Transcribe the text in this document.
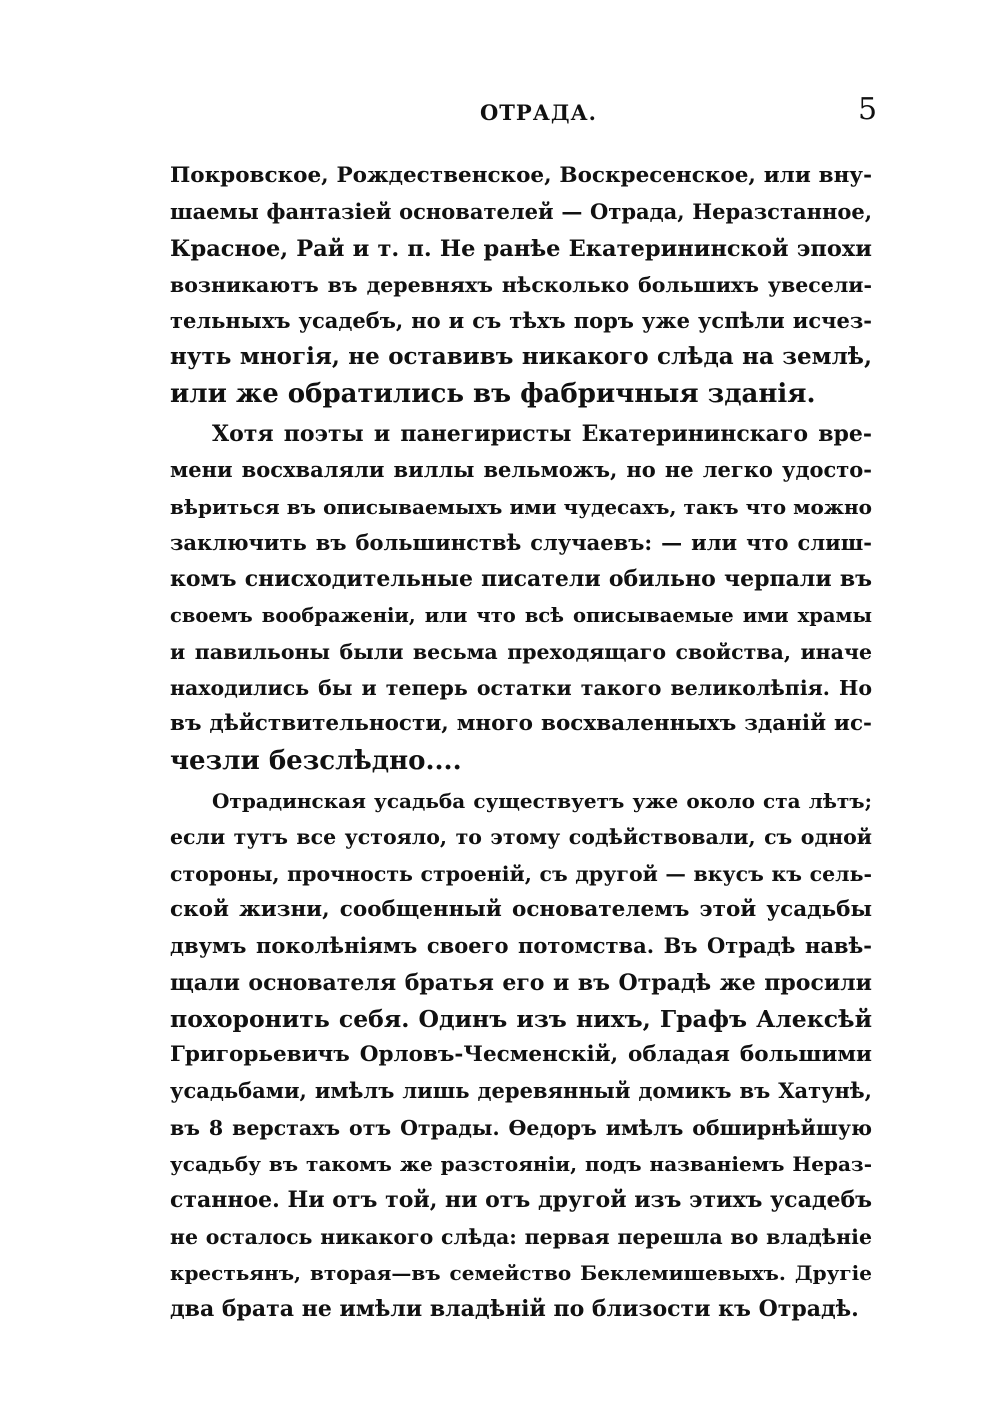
ОТРАДА.	5
Покровское, Рождественское, Воскресенское, или вну-
шаемы фантазіей основателей — Отрада, Неразстанное,
Красное, Рай и т. п. Не ранѣе Екатерининской эпохи
возникаютъ въ деревняхъ нѣсколько большихъ увесели-
тельныхъ усадебъ, но и съ тѣхъ поръ уже успѣли исчез-
нуть многія, не оставивъ никакого слѣда на землѣ,
или же обратились въ фабричныя зданія.
Хотя поэты и панегиристы Екатерининскаго вре-
мени восхваляли виллы вельможъ, но не легко удосто-
вѣриться въ описываемыхъ ими чудесахъ, такъ что можно
заключить въ большинствѣ случаевъ: — или что слиш-
комъ снисходительные писатели обильно черпали въ
своемъ воображеніи, или что всѣ описываемые ими храмы
и павильоны были весьма преходящаго свойства, иначе
находились бы и теперь остатки такого великолѣпія. Но
въ дѣйствительности, много восхваленныхъ зданій ис-
чезли безслѣдно....
Отрадинская усадьба существуетъ уже около ста лѣтъ;
если тутъ все устояло, то этому содѣйствовали, съ одной
стороны, прочность строеній, съ другой — вкусъ къ сель-
ской жизни, сообщенный основателемъ этой усадьбы
двумъ поколѣніямъ своего потомства. Въ Отрадѣ навѣ-
щали основателя братья его и въ Отрадѣ же просили
похоронить себя. Одинъ изъ нихъ, Графъ Алексѣй
Григорьевичъ Орловъ-Чесменскій, обладая большими
усадьбами, имѣлъ лишь деревянный домикъ въ Хатунѣ,
въ 8 верстахъ отъ Отрады. Ѳедоръ имѣлъ обширнѣйшую
усадьбу въ такомъ же разстояніи, подъ названіемъ Нераз-
станное. Ни отъ той, ни отъ другой изъ этихъ усадебъ
не осталось никакого слѣда: первая перешла во владѣніе
крестьянъ, вторая—въ семейство Беклемишевыхъ. Другіе
два брата не имѣли владѣній по близости къ Отрадѣ.
